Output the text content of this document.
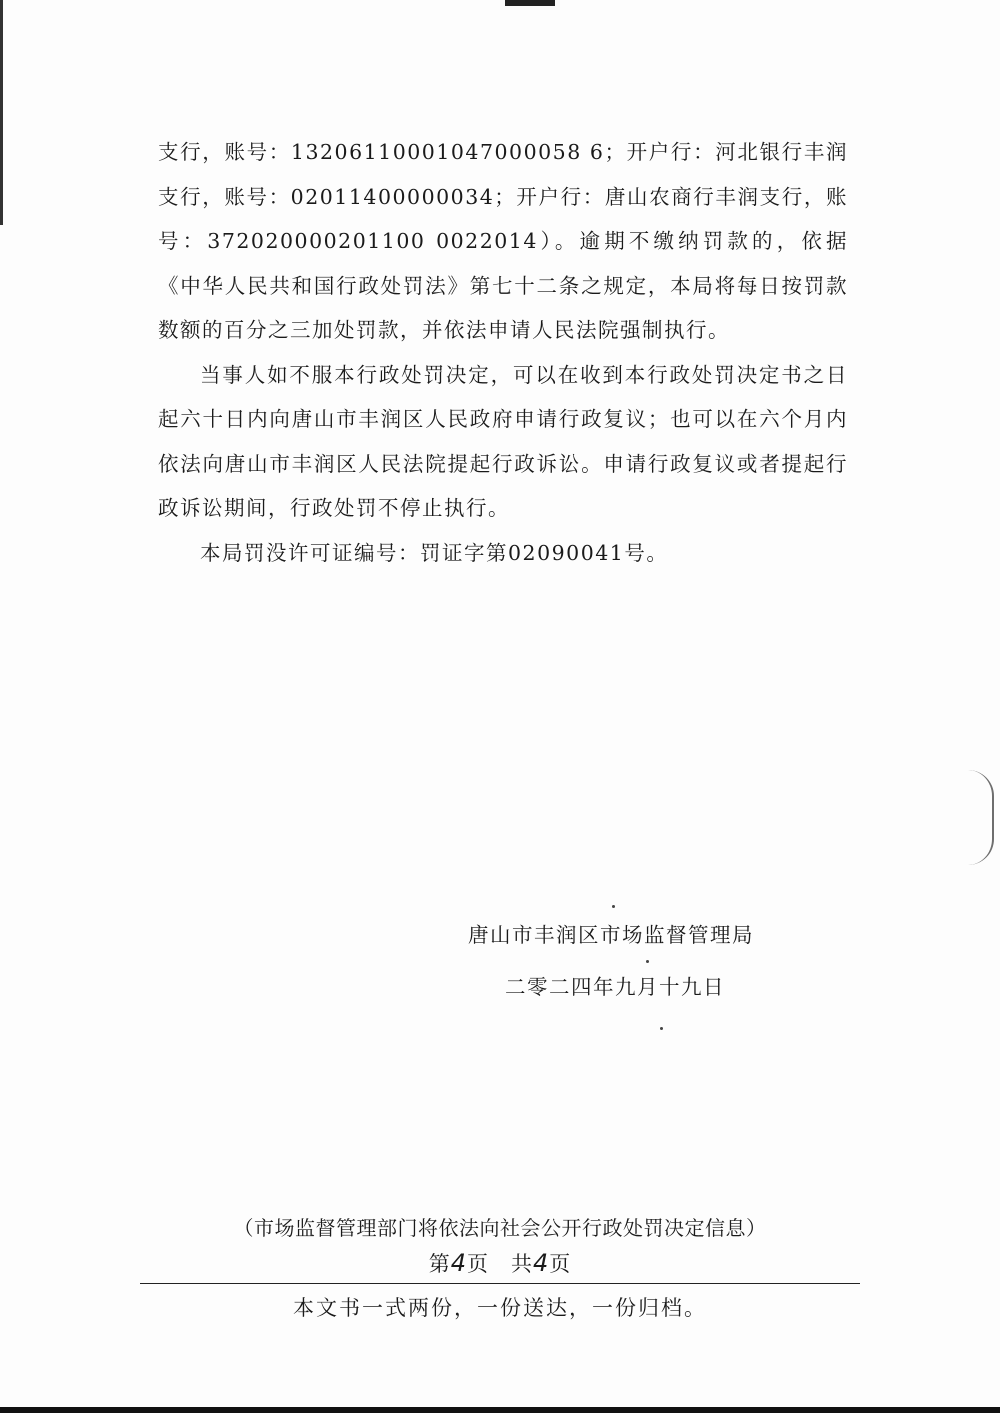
支行，账号：13206110001047000058 6；开户行：河北银行丰润支行，账号：02011400000034；开户行：唐山农商行丰润支行，账号：372020000201100 0022014）。逾期不缴纳罚款的，依据《中华人民共和国行政处罚法》第七十二条之规定，本局将每日按罚款数额的百分之三加处罚款，并依法申请人民法院强制执行。

当事人如不服本行政处罚决定，可以在收到本行政处罚决定书之日起六十日内向唐山市丰润区人民政府申请行政复议；也可以在六个月内依法向唐山市丰润区人民法院提起行政诉讼。申请行政复议或者提起行政诉讼期间，行政处罚不停止执行。

本局罚没许可证编号：罚证字第02090041号。

唐山市丰润区市场监督管理局
二零二四年九月十九日
（市场监督管理部门将依法向社会公开行政处罚决定信息）
第4页　共4页
本文书一式两份，一份送达，一份归档。
